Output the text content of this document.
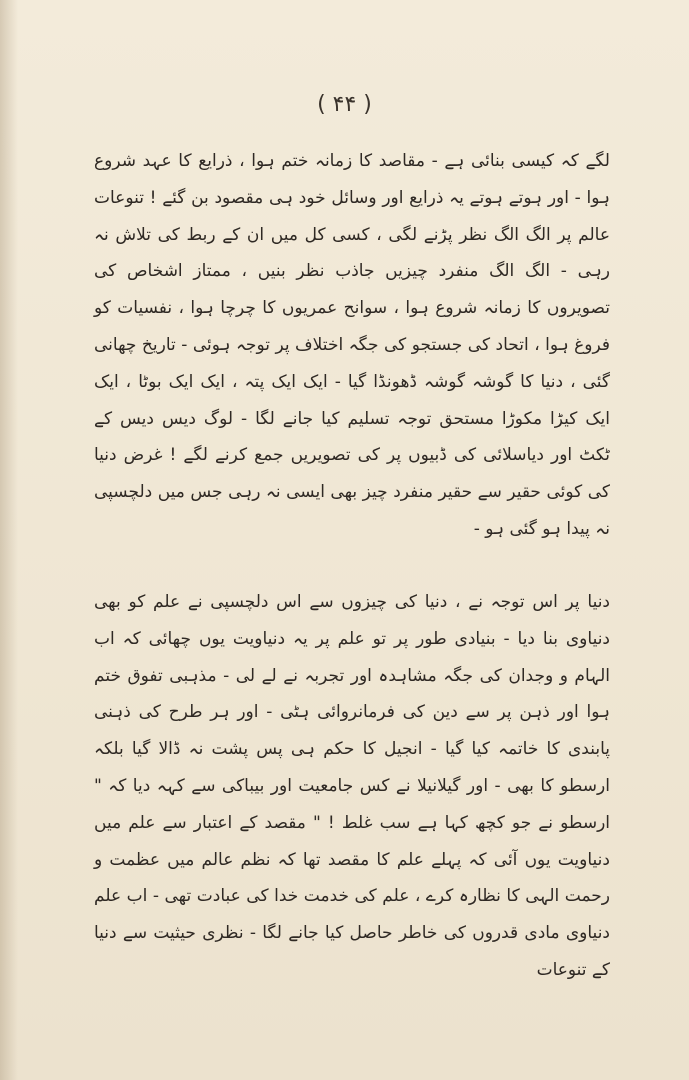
( ۴۴ )

لگے کہ کیسی بنائی ہے - مقاصد کا زمانہ ختم ہوا ، ذرایع کا عہد شروع ہوا - اور ہوتے ہوتے یہ ذرایع اور وسائل خود ہی مقصود بن گئے ! تنوعات عالم پر الگ الگ نظر پڑنے لگی ، کسی کل میں ان کے ربط کی تلاش نہ رہی - الگ الگ منفرد چیزیں جاذب نظر بنیں ، ممتاز اشخاص کی تصویروں کا زمانہ شروع ہوا ، سوانح عمریوں کا چرچا ہوا ، نفسیات کو فروغ ہوا ، اتحاد کی جستجو کی جگہ اختلاف پر توجہ ہوئی - تاریخ چھانی گئی ، دنیا کا گوشہ گوشہ ڈھونڈا گیا - ایک ایک پتہ ، ایک ایک بوٹا ، ایک ایک کیڑا مکوڑا مستحق توجہ تسلیم کیا جانے لگا - لوگ دیس دیس کے ٹکٹ اور دیاسلائی کی ڈبیوں پر کی تصویریں جمع کرنے لگے ! غرض دنیا کی کوئی حقیر سے حقیر منفرد چیز بھی ایسی نہ رہی جس میں دلچسپی نہ پیدا ہو گئی ہو -

دنیا پر اس توجہ نے ، دنیا کی چیزوں سے اس دلچسپی نے علم کو بھی دنیاوی بنا دیا - بنیادی طور پر تو علم پر یہ دنیاویت یوں چھائی کہ اب الہام و وجدان کی جگہ مشاہدہ اور تجربہ نے لے لی - مذہبی تفوق ختم ہوا اور ذہن پر سے دین کی فرمانروائی ہٹی - اور ہر طرح کی ذہنی پابندی کا خاتمہ کیا گیا - انجیل کا حکم ہی پس پشت نہ ڈالا گیا بلکہ ارسطو کا بھی - اور گیلانیلا نے کس جامعیت اور بیباکی سے کہہ دیا کہ " ارسطو نے جو کچھ کہا ہے سب غلط ! " مقصد کے اعتبار سے علم میں دنیاویت یوں آئی کہ پہلے علم کا مقصد تھا کہ نظم عالم میں عظمت و رحمت الہی کا نظارہ کرے ، علم کی خدمت خدا کی عبادت تھی - اب علم دنیاوی مادی قدروں کی خاطر حاصل کیا جانے لگا - نظری حیثیت سے دنیا کے تنوعات
